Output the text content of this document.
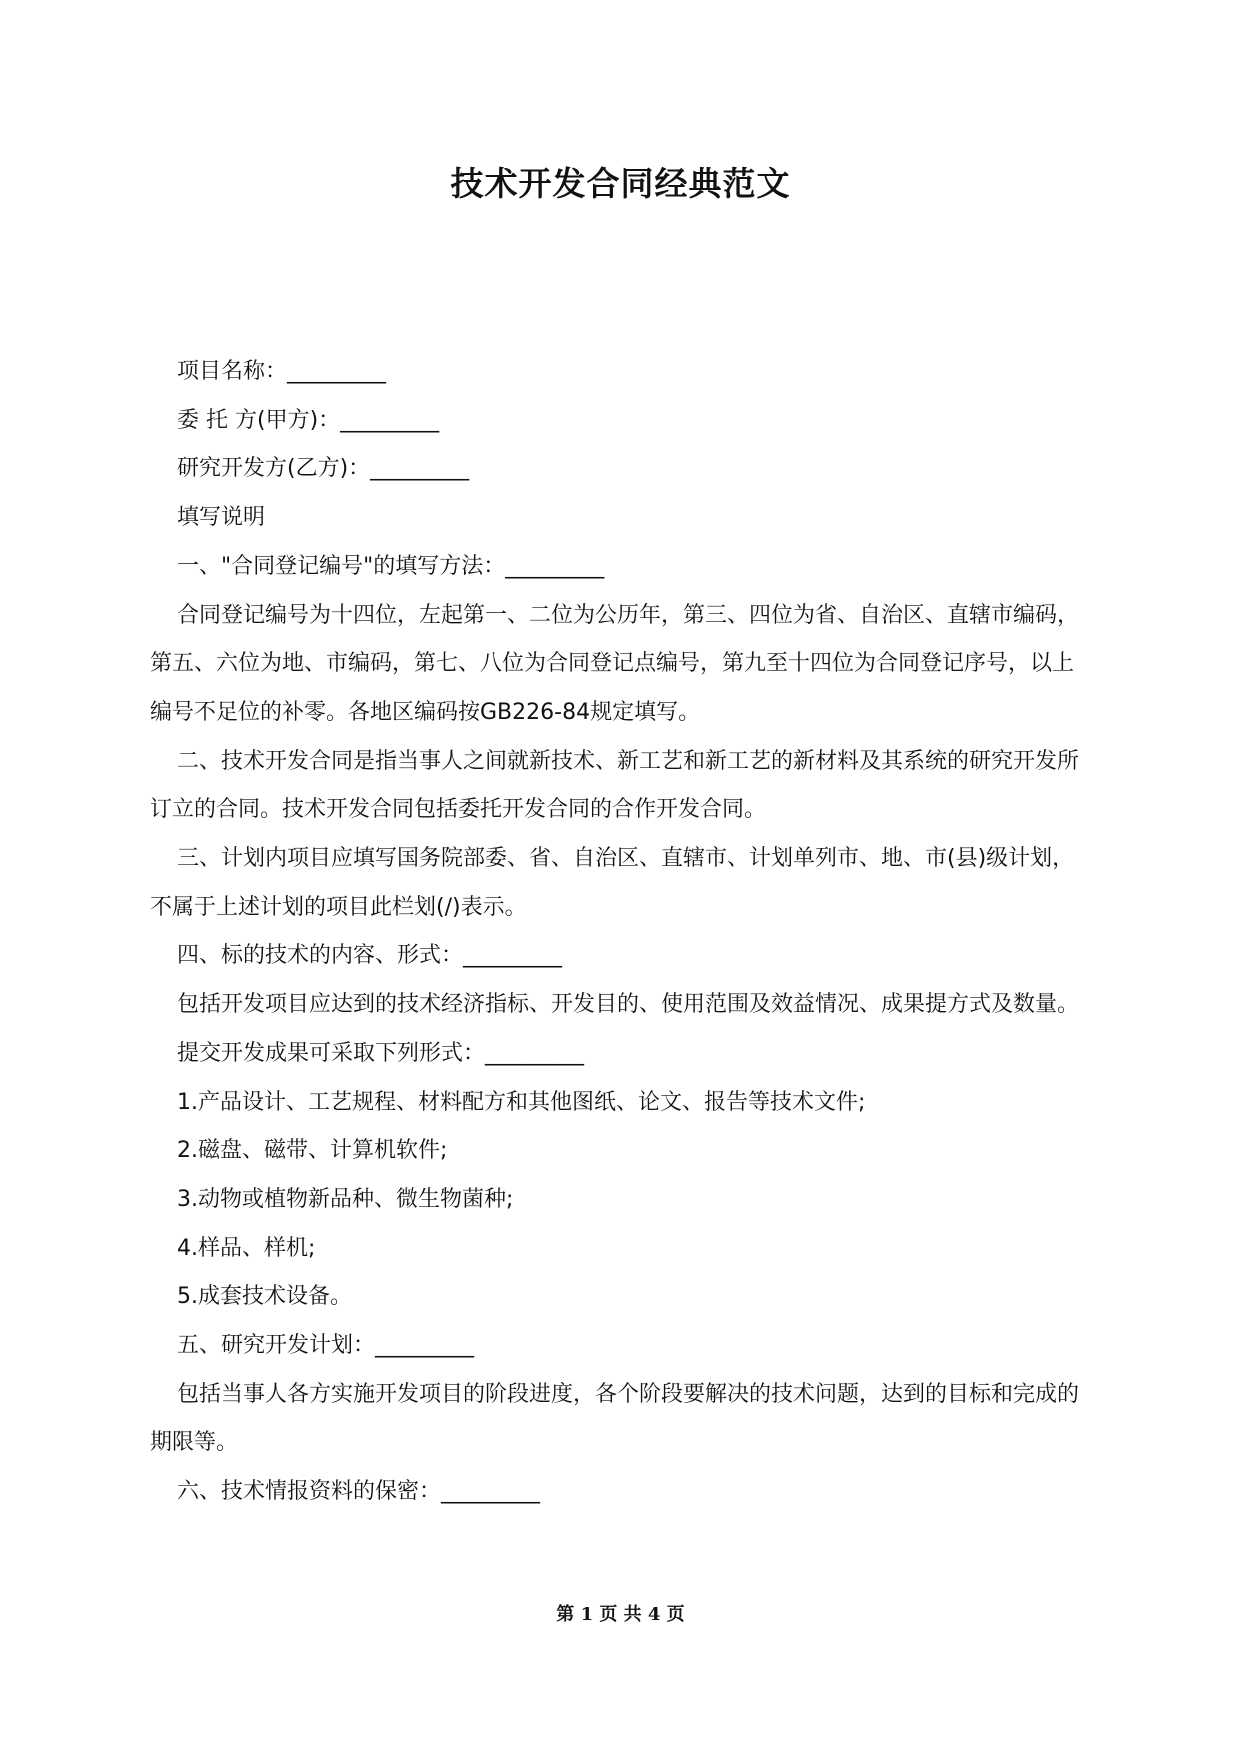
技术开发合同经典范文

项目名称：_________

委 托 方(甲方)：_________

研究开发方(乙方)：_________

填写说明

一、"合同登记编号"的填写方法：_________

合同登记编号为十四位，左起第一、二位为公历年，第三、四位为省、自治区、直辖市编码，第五、六位为地、市编码，第七、八位为合同登记点编号，第九至十四位为合同登记序号，以上编号不足位的补零。各地区编码按GB226-84规定填写。

二、技术开发合同是指当事人之间就新技术、新工艺和新工艺的新材料及其系统的研究开发所订立的合同。技术开发合同包括委托开发合同的合作开发合同。

三、计划内项目应填写国务院部委、省、自治区、直辖市、计划单列市、地、市(县)级计划，不属于上述计划的项目此栏划(/)表示。

四、标的技术的内容、形式：_________

包括开发项目应达到的技术经济指标、开发目的、使用范围及效益情况、成果提方式及数量。

提交开发成果可采取下列形式：_________

1.产品设计、工艺规程、材料配方和其他图纸、论文、报告等技术文件;

2.磁盘、磁带、计算机软件;

3.动物或植物新品种、微生物菌种;

4.样品、样机;

5.成套技术设备。

五、研究开发计划：_________

包括当事人各方实施开发项目的阶段进度，各个阶段要解决的技术问题，达到的目标和完成的期限等。

六、技术情报资料的保密：_________

第 1 页 共 4 页
